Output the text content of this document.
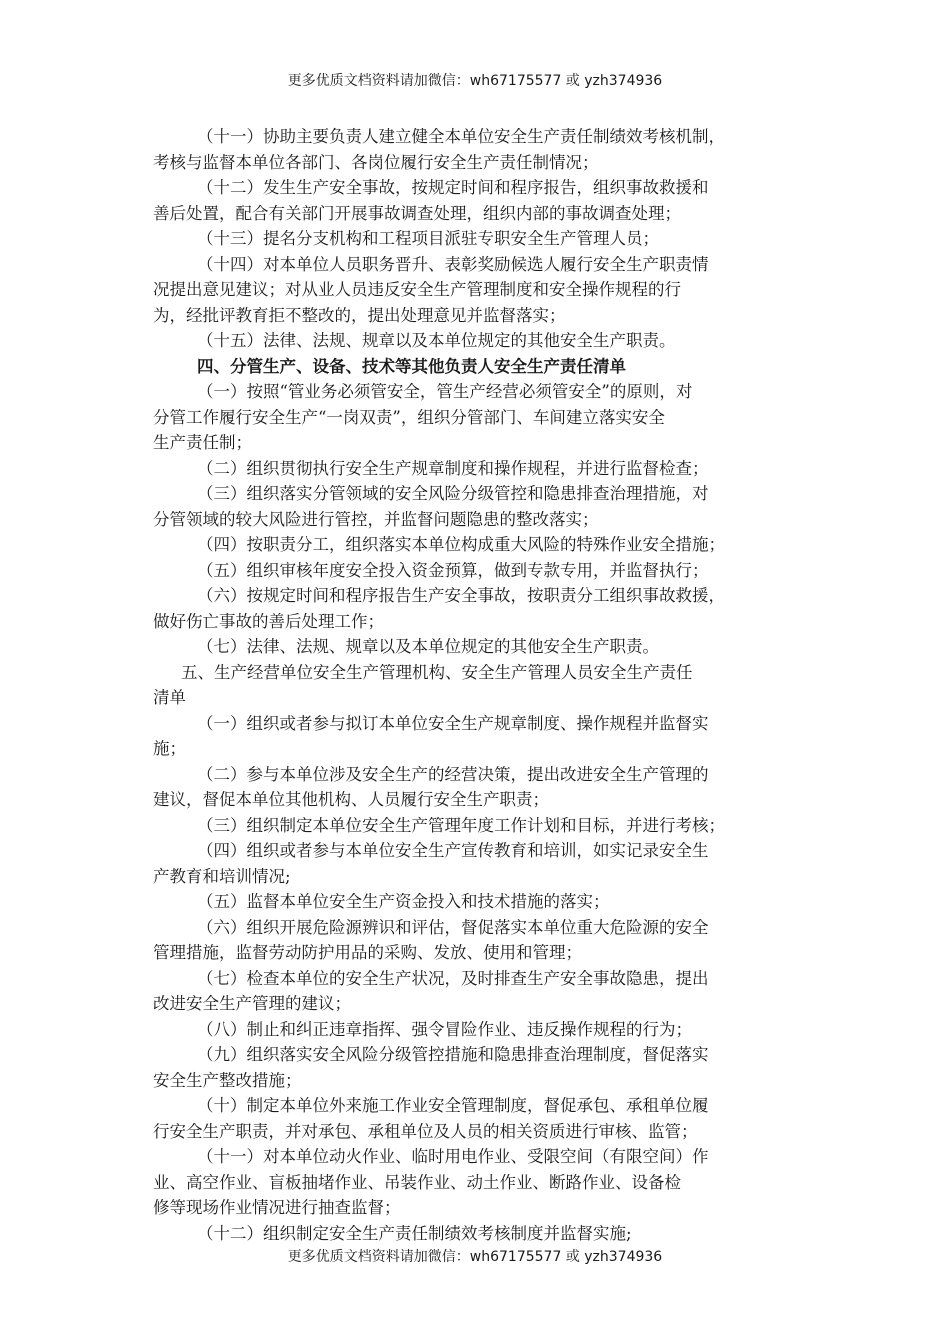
更多优质文档资料请加微信：wh67175577 或 yzh374936
（十一）协助主要负责人建立健全本单位安全生产责任制绩效考核机制，
考核与监督本单位各部门、各岗位履行安全生产责任制情况；
（十二）发生生产安全事故，按规定时间和程序报告，组织事故救援和
善后处置，配合有关部门开展事故调查处理，组织内部的事故调查处理；
（十三）提名分支机构和工程项目派驻专职安全生产管理人员；
（十四）对本单位人员职务晋升、表彰奖励候选人履行安全生产职责情
况提出意见建议；对从业人员违反安全生产管理制度和安全操作规程的行
为，经批评教育拒不整改的，提出处理意见并监督落实；
（十五）法律、法规、规章以及本单位规定的其他安全生产职责。
四、分管生产、设备、技术等其他负责人安全生产责任清单
（一）按照“管业务必须管安全，管生产经营必须管安全”的原则，对
分管工作履行安全生产“一岗双责”，组织分管部门、车间建立落实安全
生产责任制；
（二）组织贯彻执行安全生产规章制度和操作规程，并进行监督检查；
（三）组织落实分管领域的安全风险分级管控和隐患排查治理措施，对
分管领域的较大风险进行管控，并监督问题隐患的整改落实；
（四）按职责分工，组织落实本单位构成重大风险的特殊作业安全措施；
（五）组织审核年度安全投入资金预算，做到专款专用，并监督执行；
（六）按规定时间和程序报告生产安全事故，按职责分工组织事故救援，
做好伤亡事故的善后处理工作；
（七）法律、法规、规章以及本单位规定的其他安全生产职责。
五、生产经营单位安全生产管理机构、安全生产管理人员安全生产责任
清单
（一）组织或者参与拟订本单位安全生产规章制度、操作规程并监督实
施；
（二）参与本单位涉及安全生产的经营决策，提出改进安全生产管理的
建议，督促本单位其他机构、人员履行安全生产职责；
（三）组织制定本单位安全生产管理年度工作计划和目标，并进行考核；
（四）组织或者参与本单位安全生产宣传教育和培训，如实记录安全生
产教育和培训情况;
（五）监督本单位安全生产资金投入和技术措施的落实；
（六）组织开展危险源辨识和评估，督促落实本单位重大危险源的安全
管理措施，监督劳动防护用品的采购、发放、使用和管理；
（七）检查本单位的安全生产状况，及时排查生产安全事故隐患，提出
改进安全生产管理的建议；
（八）制止和纠正违章指挥、强令冒险作业、违反操作规程的行为；
（九）组织落实安全风险分级管控措施和隐患排查治理制度，督促落实
安全生产整改措施；
（十）制定本单位外来施工作业安全管理制度，督促承包、承租单位履
行安全生产职责，并对承包、承租单位及人员的相关资质进行审核、监管；
（十一）对本单位动火作业、临时用电作业、受限空间（有限空间）作
业、高空作业、盲板抽堵作业、吊装作业、动土作业、断路作业、设备检
修等现场作业情况进行抽查监督；
（十二）组织制定安全生产责任制绩效考核制度并监督实施;
更多优质文档资料请加微信：wh67175577 或 yzh374936
